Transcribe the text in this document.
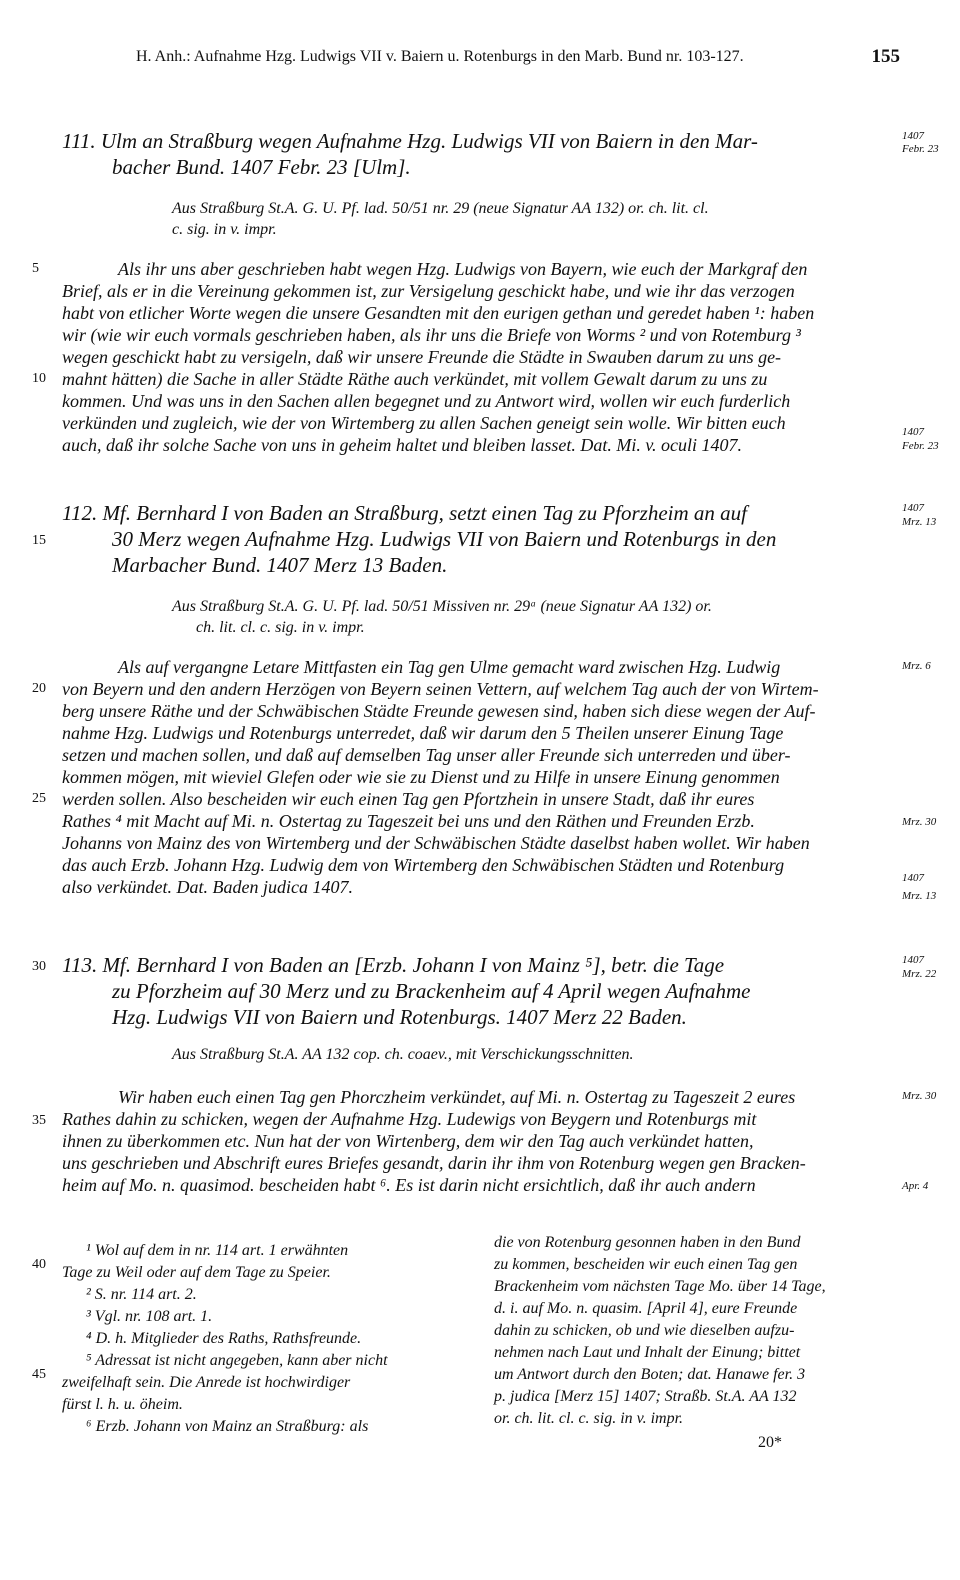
H. Anh.: Aufnahme Hzg. Ludwigs VII v. Baiern u. Rotenburgs in den Marb. Bund nr. 103-127.	155
111. Ulm an Straßburg wegen Aufnahme Hzg. Ludwigs VII von Baiern in den Mar-
bacher Bund. 1407 Febr. 23 [Ulm].
Aus Straßburg St.A. G. U. Pf. lad. 50/51 nr. 29 (neue Signatur AA 132) or. ch. lit. cl.
c. sig. in v. impr.
Als ihr uns aber geschrieben habt wegen Hzg. Ludwigs von Bayern, wie euch der Markgraf den
Brief, als er in die Vereinung gekommen ist, zur Versigelung geschickt habe, und wie ihr das verzogen
habt von etlicher Worte wegen die unsere Gesandten mit den eurigen gethan und geredet haben ¹: haben
wir (wie wir euch vormals geschrieben haben, als ihr uns die Briefe von Worms ² und von Rotemburg ³
wegen geschickt habt zu versigeln, daß wir unsere Freunde die Städte in Swauben darum zu uns ge-
mahnt hätten) die Sache in aller Städte Räthe auch verkündet, mit vollem Gewalt darum zu uns zu
kommen. Und was uns in den Sachen allen begegnet und zu Antwort wird, wollen wir euch furderlich
verkünden und zugleich, wie der von Wirtemberg zu allen Sachen geneigt sein wolle. Wir bitten euch
auch, daß ihr solche Sache von uns in geheim haltet und bleiben lasset. Dat. Mi. v. oculi 1407.
112. Mf. Bernhard I von Baden an Straßburg, setzt einen Tag zu Pforzheim an auf
30 Merz wegen Aufnahme Hzg. Ludwigs VII von Baiern und Rotenburgs in den
Marbacher Bund. 1407 Merz 13 Baden.
Aus Straßburg St.A. G. U. Pf. lad. 50/51 Missiven nr. 29ᵃ (neue Signatur AA 132) or.
ch. lit. cl. c. sig. in v. impr.
Als auf vergangne Letare Mittfasten ein Tag gen Ulme gemacht ward zwischen Hzg. Ludwig
von Beyern und den andern Herzögen von Beyern seinen Vettern, auf welchem Tag auch der von Wirtem-
berg unsere Räthe und der Schwäbischen Städte Freunde gewesen sind, haben sich diese wegen der Auf-
nahme Hzg. Ludwigs und Rotenburgs unterredet, daß wir darum den 5 Theilen unserer Einung Tage
setzen und machen sollen, und daß auf demselben Tag unser aller Freunde sich unterreden und über-
kommen mögen, mit wieviel Glefen oder wie sie zu Dienst und zu Hilfe in unsere Einung genommen
werden sollen. Also bescheiden wir euch einen Tag gen Pfortzhein in unsere Stadt, daß ihr eures
Rathes ⁴ mit Macht auf Mi. n. Ostertag zu Tageszeit bei uns und den Räthen und Freunden Erzb.
Johanns von Mainz des von Wirtemberg und der Schwäbischen Städte daselbst haben wollet. Wir haben
das auch Erzb. Johann Hzg. Ludwig dem von Wirtemberg den Schwäbischen Städten und Rotenburg
also verkündet. Dat. Baden judica 1407.
113. Mf. Bernhard I von Baden an [Erzb. Johann I von Mainz ⁵], betr. die Tage
zu Pforzheim auf 30 Merz und zu Brackenheim auf 4 April wegen Aufnahme
Hzg. Ludwigs VII von Baiern und Rotenburgs. 1407 Merz 22 Baden.
Aus Straßburg St.A. AA 132 cop. ch. coaev., mit Verschickungsschnitten.
Wir haben euch einen Tag gen Phorczheim verkündet, auf Mi. n. Ostertag zu Tageszeit 2 eures
Rathes dahin zu schicken, wegen der Aufnahme Hzg. Ludewigs von Beygern und Rotenburgs mit
ihnen zu überkommen etc. Nun hat der von Wirtenberg, dem wir den Tag auch verkündet hatten,
uns geschrieben und Abschrift eures Briefes gesandt, darin ihr ihm von Rotenburg wegen gen Bracken-
heim auf Mo. n. quasimod. bescheiden habt ⁶. Es ist darin nicht ersichtlich, daß ihr auch andern
5
10
15
20
25
30
35
40
45
1407
Febr. 23
1407
Febr. 23
1407
Mrz. 13
Mrz. 6
Mrz. 30
1407
Mrz. 13
1407
Mrz. 22
Mrz. 30
Apr. 4
¹ Wol auf dem in nr. 114 art. 1 erwähnten
Tage zu Weil oder auf dem Tage zu Speier.
² S. nr. 114 art. 2.
³ Vgl. nr. 108 art. 1.
⁴ D. h. Mitglieder des Raths, Rathsfreunde.
⁵ Adressat ist nicht angegeben, kann aber nicht
zweifelhaft sein. Die Anrede ist hochwirdiger
fürst l. h. u. öheim.
⁶ Erzb. Johann von Mainz an Straßburg: als
die von Rotenburg gesonnen haben in den Bund
zu kommen, bescheiden wir euch einen Tag gen
Brackenheim vom nächsten Tage Mo. über 14 Tage,
d. i. auf Mo. n. quasim. [April 4], eure Freunde
dahin zu schicken, ob und wie dieselben aufzu-
nehmen nach Laut und Inhalt der Einung; bittet
um Antwort durch den Boten; dat. Hanawe fer. 3
p. judica [Merz 15] 1407; Straßb. St.A. AA 132
or. ch. lit. cl. c. sig. in v. impr.
20*
